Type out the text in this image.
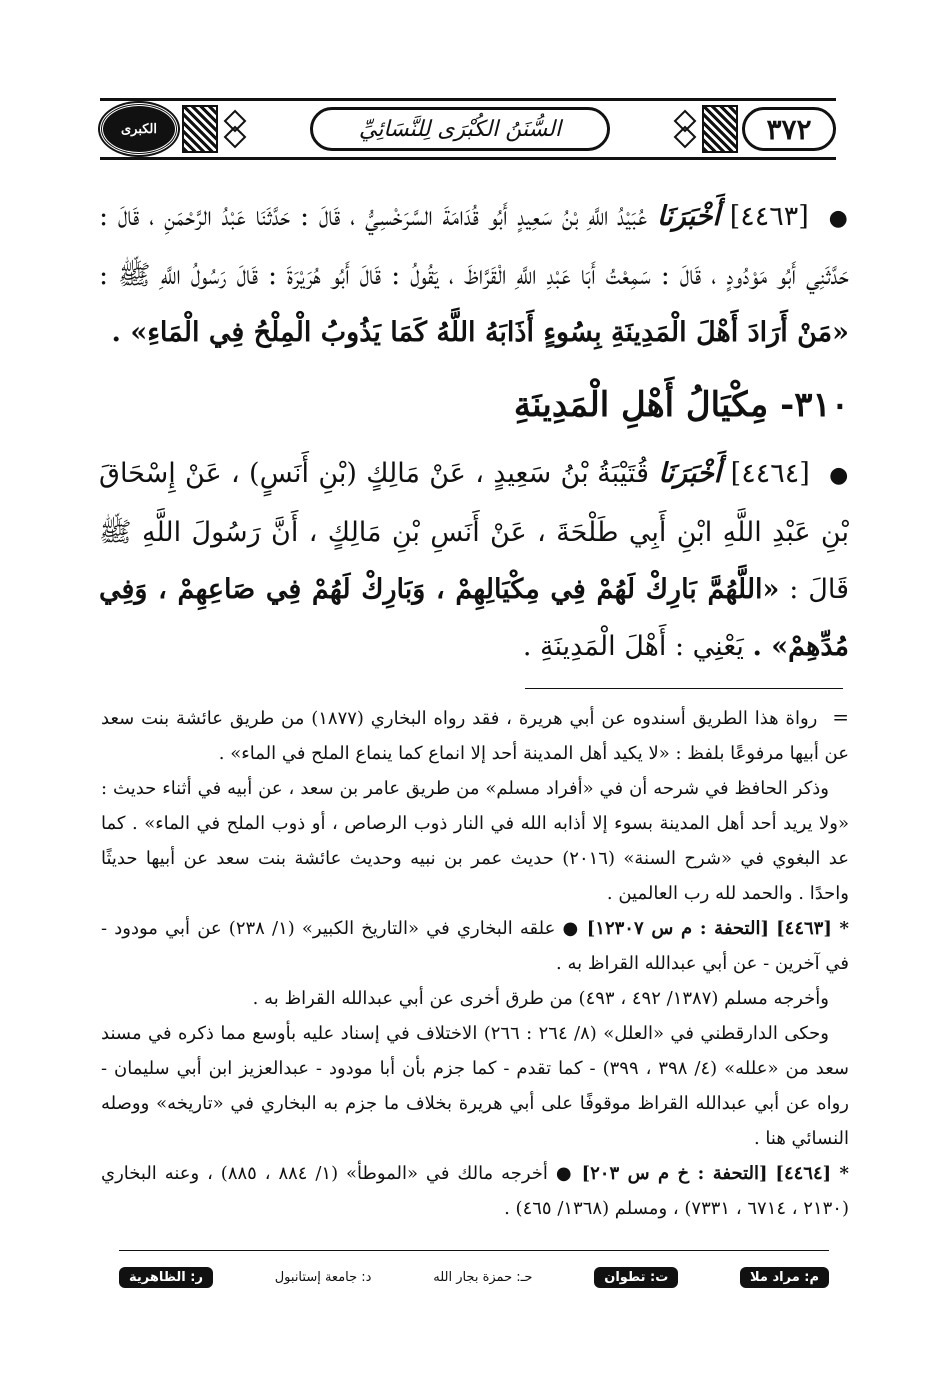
الكبرى	السُّنَنُ الكُبْرَى لِلنَّسَائِيِّ	٣٧٢

● [٤٤٦٣] أَخْبَرَنَا عُبَيْدُ اللَّهِ بْنُ سَعِيدٍ أَبُو قُدَامَةَ السَّرَخْسِيُّ ، قَالَ : حَدَّثَنَا عَبْدُ الرَّحْمَنِ ، قَالَ : حَدَّثَنِي أَبُو مَوْدُودٍ ، قَالَ : سَمِعْتُ أَبَا عَبْدِ اللَّهِ الْقَرَّاظَ ، يَقُولُ : قَالَ أَبُو هُرَيْرَةَ : قَالَ رَسُولُ اللَّهِ ﷺ : «مَنْ أَرَادَ أَهْلَ الْمَدِينَةِ بِسُوءٍ أَذَابَهُ اللَّهُ كَمَا يَذُوبُ الْمِلْحُ فِي الْمَاءِ» .

٣١٠- مِكْيَالُ أَهْلِ الْمَدِينَةِ

● [٤٤٦٤] أَخْبَرَنَا قُتَيْبَةُ بْنُ سَعِيدٍ ، عَنْ مَالِكٍ (بْنِ أَنَسٍ) ، عَنْ إِسْحَاقَ بْنِ عَبْدِ اللَّهِ ابْنِ أَبِي طَلْحَةَ ، عَنْ أَنَسِ بْنِ مَالِكٍ ، أَنَّ رَسُولَ اللَّهِ ﷺ قَالَ : «اللَّهُمَّ بَارِكْ لَهُمْ فِي مِكْيَالِهِمْ ، وَبَارِكْ لَهُمْ فِي صَاعِهِمْ ، وَفِي مُدِّهِمْ» . يَعْنِي : أَهْلَ الْمَدِينَةِ .

= رواة هذا الطريق أسندوه عن أبي هريرة ، فقد رواه البخاري (١٨٧٧) من طريق عائشة بنت سعد عن أبيها مرفوعًا بلفظ : «لا يكيد أهل المدينة أحد إلا انماع كما ينماع الملح في الماء» .

وذكر الحافظ في شرحه أن في «أفراد مسلم» من طريق عامر بن سعد ، عن أبيه في أثناء حديث : «ولا يريد أحد أهل المدينة بسوء إلا أذابه الله في النار ذوب الرصاص ، أو ذوب الملح في الماء» . كما عد البغوي في «شرح السنة» (٢٠١٦) حديث عمر بن نبيه وحديث عائشة بنت سعد عن أبيها حديثًا واحدًا . والحمد لله رب العالمين .

* [٤٤٦٣] [التحفة : م س ١٢٣٠٧] ● علقه البخاري في «التاريخ الكبير» (١/ ٢٣٨) عن أبي مودود - في آخرين - عن أبي عبدالله القراظ به .

وأخرجه مسلم (١٣٨٧/ ٤٩٢ ، ٤٩٣) من طرق أخرى عن أبي عبدالله القراظ به .

وحكى الدارقطني في «العلل» (٨/ ٢٦٤ : ٢٦٦) الاختلاف في إسناد عليه بأوسع مما ذكره في مسند سعد من «علله» (٤/ ٣٩٨ ، ٣٩٩) - كما تقدم - كما جزم بأن أبا مودود - عبدالعزيز ابن أبي سليمان - رواه عن أبي عبدالله القراظ موقوفًا على أبي هريرة بخلاف ما جزم به البخاري في «تاريخه» ووصله النسائي هنا .

* [٤٤٦٤] [التحفة : خ م س ٢٠٣] ● أخرجه مالك في «الموطأ» (١/ ٨٨٤ ، ٨٨٥) ، وعنه البخاري (٢١٣٠ ، ٦٧١٤ ، ٧٣٣١) ، ومسلم (١٣٦٨/ ٤٦٥) .

م: مراد ملا
ت: تطوان
حـ: حمزة بجار الله
د: جامعة إستانبول
ر: الظاهرية
